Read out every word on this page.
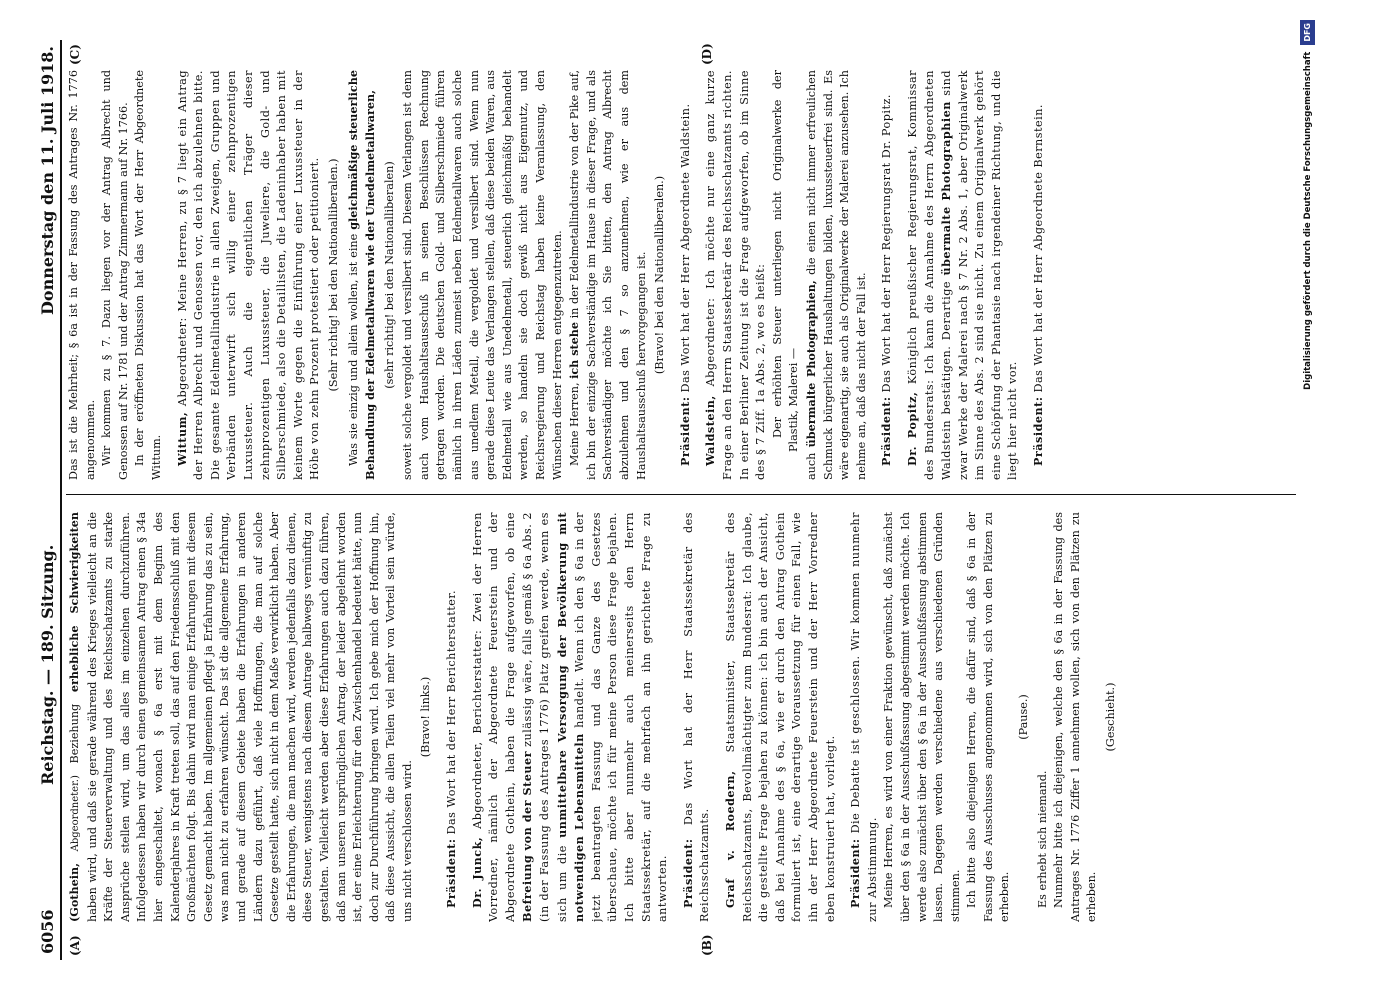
6056
Reichstag. — 189. Sitzung.
Donnerstag den 11. Juli 1918.
(A)	(B)
(C)	(D)

(Gothein, Abgeordneter.) Beziehung erhebliche Schwierigkeiten haben wird, und daß sie gerade während des Krieges vielleicht an die Kräfte der Steuerverwaltung und des Reichsschatzamts zu starke Ansprüche stellen wird, um das alles im einzelnen durchzuführen. Infolgedessen haben wir durch einen gemeinsamen Antrag einen § 34a hier eingeschaltet, wonach § 6a erst mit dem Beginn des Kalenderjahres in Kraft treten soll, das auf den Friedensschluß mit den Großmächten folgt. Bis dahin wird man einige Erfahrungen mit diesem Gesetz gemacht haben. Im allgemeinen pflegt ja Erfahrung das zu sein, was man nicht zu erfahren wünscht. Das ist die allgemeine Erfahrung, und gerade auf diesem Gebiete haben die Erfahrungen in anderen Ländern dazu geführt, daß viele Hoffnungen, die man auf solche Gesetze gestellt hatte, sich nicht in dem Maße verwirklicht haben. Aber die Erfahrungen, die man machen wird, werden jedenfalls dazu dienen, diese Steuer, wenigstens nach diesem Antrage halbwegs vernünftig zu gestalten. Vielleicht werden aber diese Erfahrungen auch dazu führen, daß man unseren ursprünglichen Antrag, der leider abgelehnt worden ist, der eine Erleichterung für den Zwischenhandel bedeutet hätte, nun doch zur Durchführung bringen wird. Ich gebe mich der Hoffnung hin, daß diese Aussicht, die allen Teilen viel mehr von Vorteil sein würde, uns nicht verschlossen wird.

(Bravo! links.)

Präsident: Das Wort hat der Herr Berichterstatter.

Dr. Junck, Abgeordneter, Berichterstatter: Zwei der Herren Vorredner, nämlich der Abgeordnete Feuerstein und der Abgeordnete Gothein, haben die Frage aufgeworfen, ob eine Befreiung von der Steuer zulässig wäre, falls gemäß § 6a Abs. 2 (in der Fassung des Antrages 1776) Platz greifen werde, wenn es sich um die unmittelbare Versorgung der Bevölkerung mit notwendigen Lebensmitteln handelt. Wenn ich den § 6a in der jetzt beantragten Fassung und das Ganze des Gesetzes überschaue, möchte ich für meine Person diese Frage bejahen. Ich bitte aber nunmehr auch meinerseits den Herrn Staatssekretär, auf die mehrfach an ihn gerichtete Frage zu antworten. Präsident: Das Wort hat der Herr Staatssekretär des Reichsschatzamts. Graf v. Roedern, Staatsminister, Staatssekretär des Reichsschatzamts, Bevollmächtigter zum Bundesrat: Ich glaube, die gestellte Frage bejahen zu können: ich bin auch der Ansicht, daß bei Annahme des § 6a, wie er durch den Antrag Gothein formuliert ist, eine derartige Voraussetzung für einen Fall, wie ihn der Herr Abgeordnete Feuerstein und der Herr Vorredner eben konstruiert hat, vorliegt. Präsident: Die Debatte ist geschlossen. Wir kommen nunmehr zur Abstimmung. Meine Herren, es wird von einer Fraktion gewünscht, daß zunächst über den § 6a in der Ausschußfassung abgestimmt werden möchte. Ich werde also zunächst über den § 6a in der Ausschußfassung abstimmen lassen. Dagegen werden verschiedene aus verschiedenen Gründen stimmen. Ich bitte also diejenigen Herren, die dafür sind, daß § 6a in der Fassung des Ausschusses angenommen wird, sich von den Plätzen zu erheben.

(Pause.)

Es erhebt sich niemand. Nunmehr bitte ich diejenigen, welche den § 6a in der Fassung des Antrages Nr. 1776 Ziffer 1 annehmen wollen, sich von den Plätzen zu erheben.

(Geschieht.)

Das ist die Mehrheit; § 6a ist in der Fassung des Antrages Nr. 1776 angenommen. Wir kommen zu § 7. Dazu liegen vor der Antrag Albrecht und Genossen auf Nr. 1781 und der Antrag Zimmermann auf Nr. 1766. In der eröffneten Diskussion hat das Wort der Herr Abgeordnete Wittum. Wittum, Abgeordneter: Meine Herren, zu § 7 liegt ein Antrag der Herren Albrecht und Genossen vor, den ich abzulehnen bitte. Die gesamte Edelmetallindustrie in allen Zweigen, Gruppen und Verbänden unterwirft sich willig einer zehnprozentigen Luxussteuer. Auch die eigentlichen Träger dieser zehnprozentigen Luxussteuer, die Juweliere, die Gold- und Silberschmiede, also die Detaillisten, die Ladeninhaber haben mit keinem Worte gegen die Einführung einer Luxussteuer in der Höhe von zehn Prozent protestiert oder petitioniert. (Sehr richtig! bei den Nationalliberalen.) Was sie einzig und allein wollen, ist eine gleichmäßige steuerliche Behandlung der Edelmetallwaren wie der Unedelmetallwaren, (sehr richtig! bei den Nationalliberalen) soweit solche vergoldet und versilbert sind. Diesem Verlangen ist denn auch vom Haushaltsausschuß in seinen Beschlüssen Rechnung getragen worden. Die deutschen Gold- und Silberschmiede führen nämlich in ihren Läden zumeist neben Edelmetallwaren auch solche aus unedlem Metall, die vergoldet und versilbert sind. Wenn nun gerade diese Leute das Verlangen stellen, daß diese beiden Waren, aus Edelmetall wie aus Unedelmetall, steuerlich gleichmäßig behandelt werden, so handeln sie doch gewiß nicht aus Eigennutz, und Reichsregierung und Reichstag haben keine Veranlassung, den Wünschen dieser Herren entgegenzutreten. Meine Herren, ich stehe in der Edelmetallindustrie von der Pike auf, ich bin der einzige Sachverständige im Hause in dieser Frage, und als Sachverständiger möchte ich Sie bitten, den Antrag Albrecht abzulehnen und den § 7 so anzunehmen, wie er aus dem Haushaltsausschuß hervorgegangen ist. (Bravo! bei den Nationalliberalen.)

Präsident: Das Wort hat der Herr Abgeordnete Waldstein.

Waldstein, Abgeordneter: Ich möchte nur eine ganz kurze Frage an den Herrn Staatssekretär des Reichsschatzamts richten. In einer Berliner Zeitung ist die Frage aufgeworfen, ob im Sinne des § 7 Ziff. 1a Abs. 2, wo es heißt: Der erhöhten Steuer unterliegen nicht Originalwerke der Plastik, Malerei —

auch übermalte Photographien, die einen nicht immer erfreulichen Schmuck bürgerlicher Haushaltungen bilden, luxussteuerfrei sind. Es wäre eigenartig, sie auch als Originalwerke der Malerei anzusehen. Ich nehme an, daß das nicht der Fall ist. Präsident: Das Wort hat der Herr Regierungsrat Dr. Popitz.

Dr. Popitz, Königlich preußischer Regierungsrat, Kommissar des Bundesrats: Ich kann die Annahme des Herrn Abgeordneten Waldstein bestätigen. Derartige übermalte Photographien sind zwar Werke der Malerei nach § 7 Nr. 2 Abs. 1, aber Originalwerk im Sinne des Abs. 2 sind sie nicht. Zu einem Originalwerk gehört eine Schöpfung der Phantasie nach irgendeiner Richtung, und die liegt hier nicht vor. Präsident: Das Wort hat der Herr Abgeordnete Bernstein.	Digitalisierung gefördert durch die Deutsche Forschungsgemeinschaft DFG
